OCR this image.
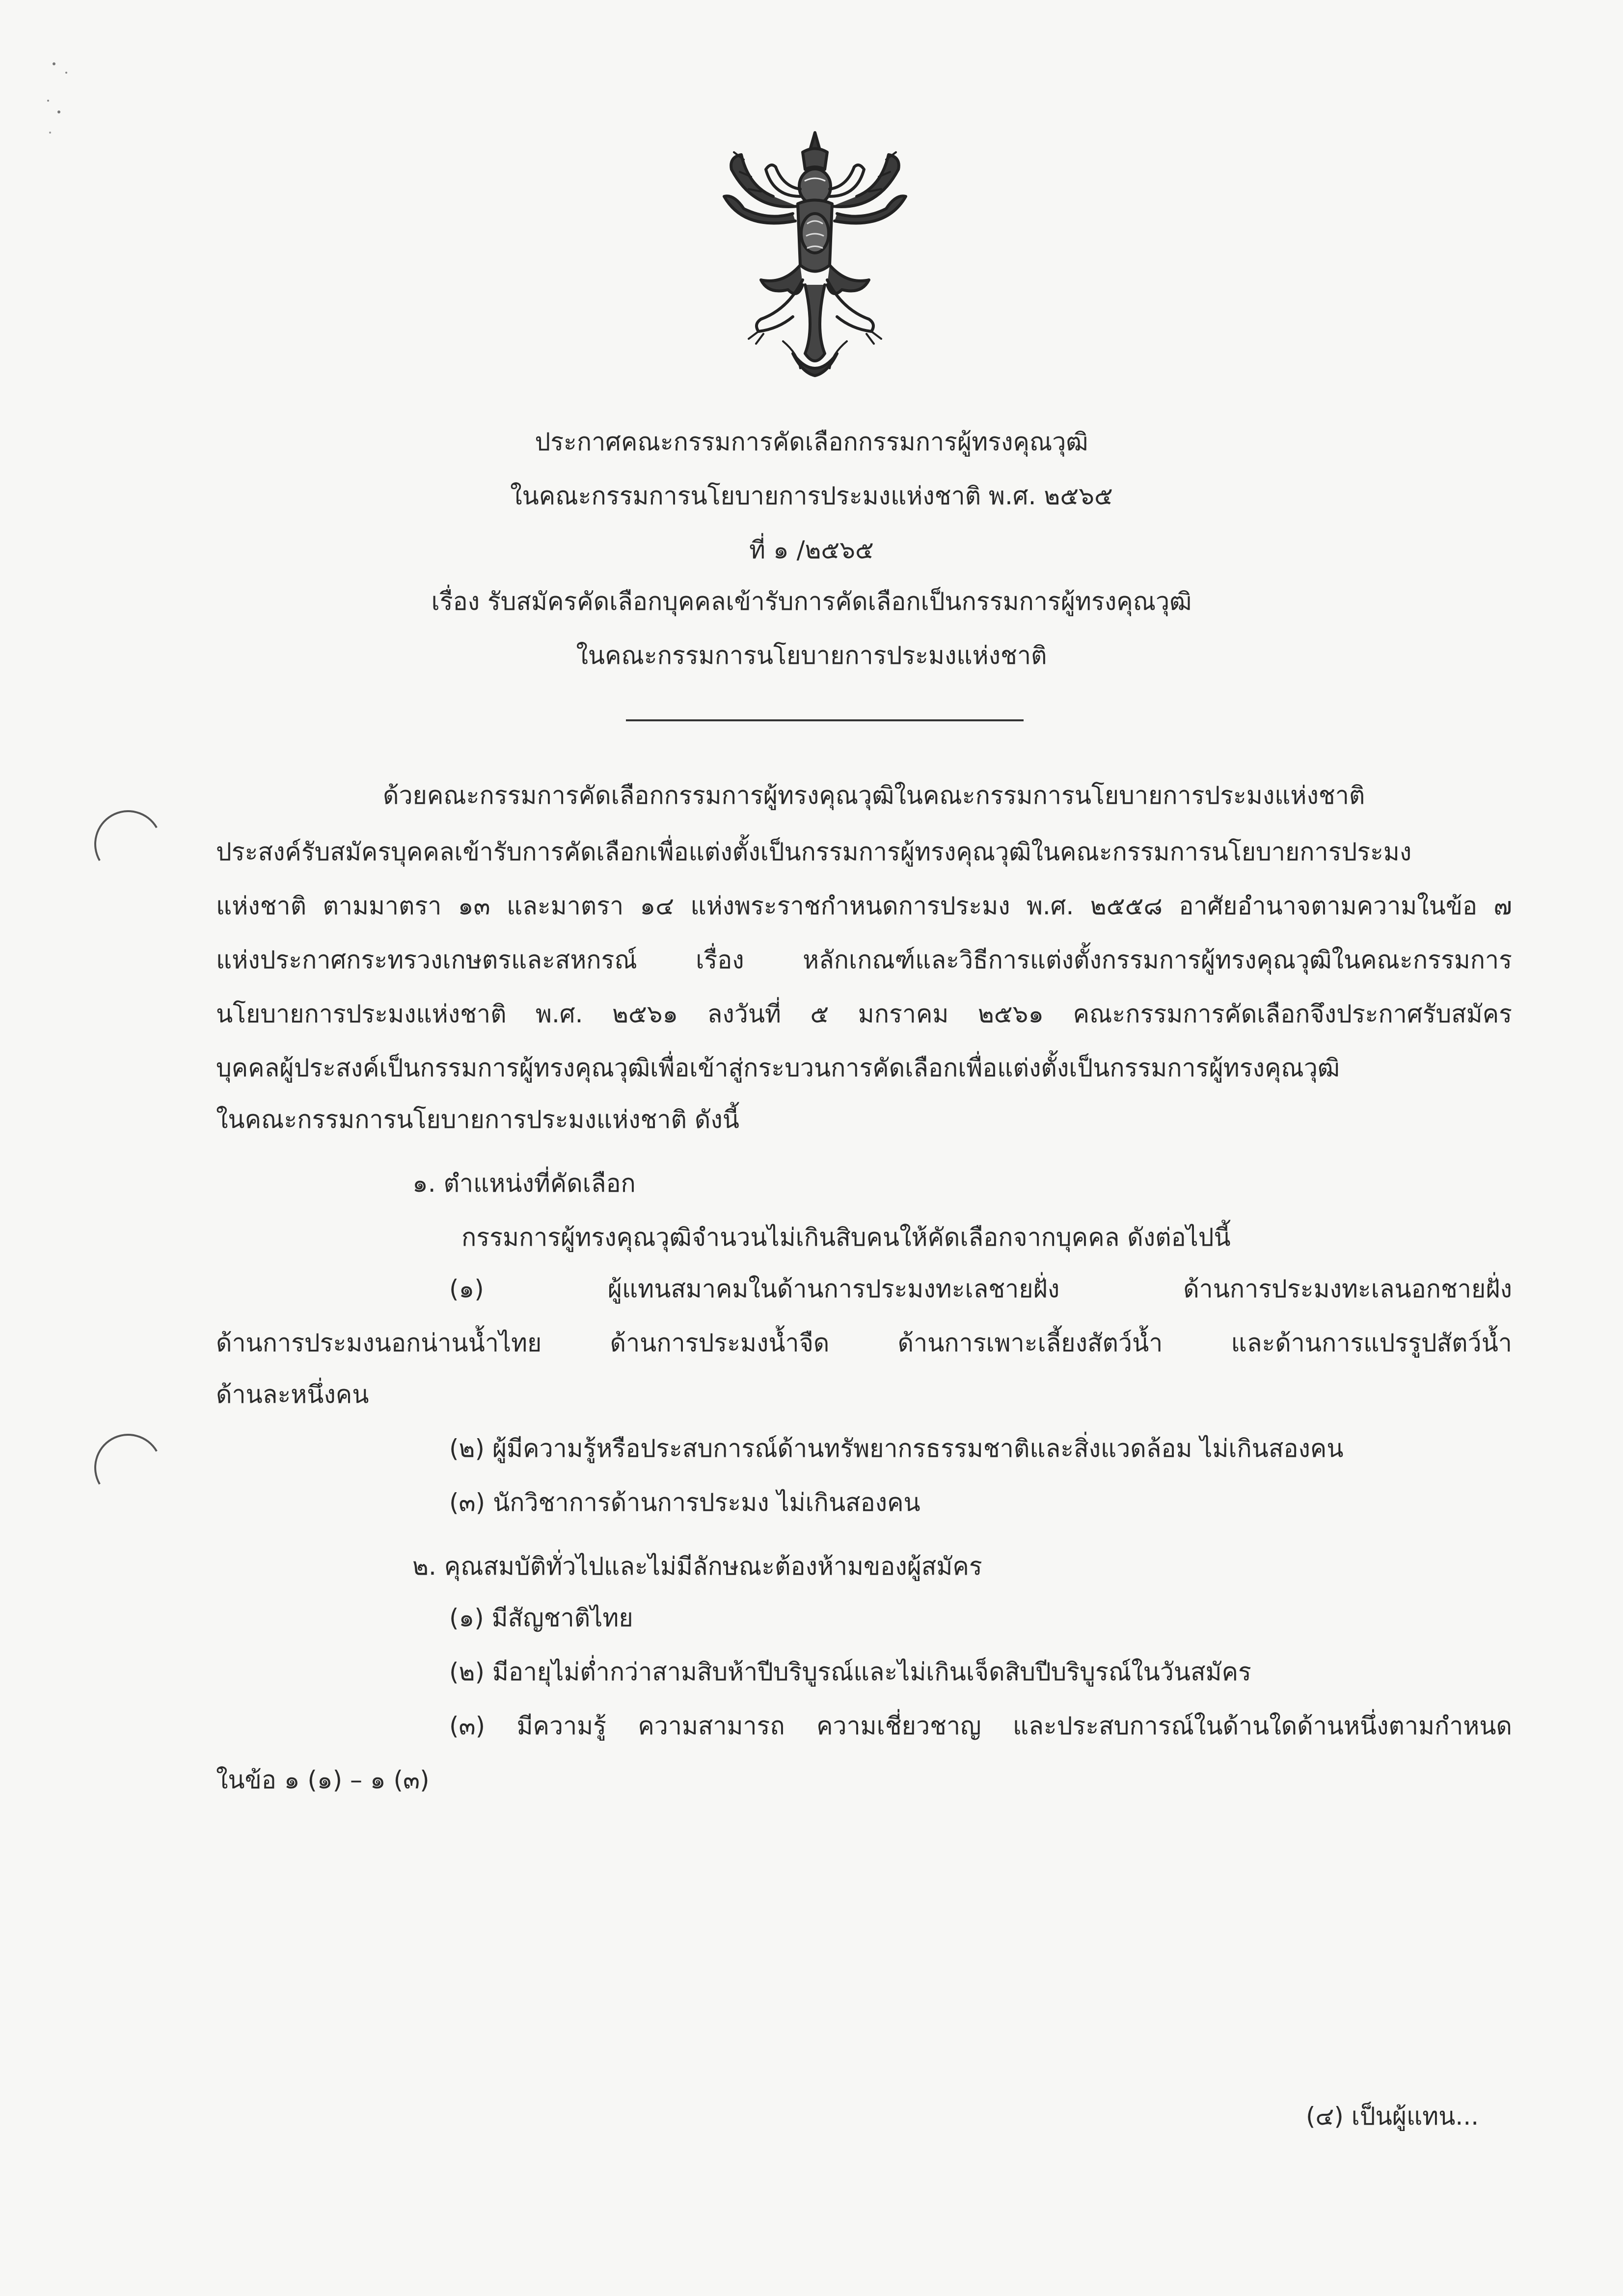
ประกาศคณะกรรมการคัดเลือกกรรมการผู้ทรงคุณวุฒิ
ในคณะกรรมการนโยบายการประมงแห่งชาติ พ.ศ. ๒๕๖๕
ที่ ๑ /๒๕๖๕
เรื่อง รับสมัครคัดเลือกบุคคลเข้ารับการคัดเลือกเป็นกรรมการผู้ทรงคุณวุฒิ
ในคณะกรรมการนโยบายการประมงแห่งชาติ
ด้วยคณะกรรมการคัดเลือกกรรมการผู้ทรงคุณวุฒิในคณะกรรมการนโยบายการประมงแห่งชาติ
ประสงค์รับสมัครบุคคลเข้ารับการคัดเลือกเพื่อแต่งตั้งเป็นกรรมการผู้ทรงคุณวุฒิในคณะกรรมการนโยบายการประมง
แห่งชาติ ตามมาตรา ๑๓ และมาตรา ๑๔ แห่งพระราชกำหนดการประมง พ.ศ. ๒๕๕๘ อาศัยอำนาจตามความในข้อ ๗
แห่งประกาศกระทรวงเกษตรและสหกรณ์ เรื่อง หลักเกณฑ์และวิธีการแต่งตั้งกรรมการผู้ทรงคุณวุฒิในคณะกรรมการ
นโยบายการประมงแห่งชาติ พ.ศ. ๒๕๖๑ ลงวันที่ ๕ มกราคม ๒๕๖๑ คณะกรรมการคัดเลือกจึงประกาศรับสมัคร
บุคคลผู้ประสงค์เป็นกรรมการผู้ทรงคุณวุฒิเพื่อเข้าสู่กระบวนการคัดเลือกเพื่อแต่งตั้งเป็นกรรมการผู้ทรงคุณวุฒิ
ในคณะกรรมการนโยบายการประมงแห่งชาติ ดังนี้
๑. ตำแหน่งที่คัดเลือก
กรรมการผู้ทรงคุณวุฒิจำนวนไม่เกินสิบคนให้คัดเลือกจากบุคคล ดังต่อไปนี้
(๑) ผู้แทนสมาคมในด้านการประมงทะเลชายฝั่ง ด้านการประมงทะเลนอกชายฝั่ง
ด้านการประมงนอกน่านน้ำไทย ด้านการประมงน้ำจืด ด้านการเพาะเลี้ยงสัตว์น้ำ และด้านการแปรรูปสัตว์น้ำ
ด้านละหนึ่งคน
(๒) ผู้มีความรู้หรือประสบการณ์ด้านทรัพยากรธรรมชาติและสิ่งแวดล้อม ไม่เกินสองคน
(๓) นักวิชาการด้านการประมง ไม่เกินสองคน
๒. คุณสมบัติทั่วไปและไม่มีลักษณะต้องห้ามของผู้สมัคร
(๑) มีสัญชาติไทย
(๒) มีอายุไม่ต่ำกว่าสามสิบห้าปีบริบูรณ์และไม่เกินเจ็ดสิบปีบริบูรณ์ในวันสมัคร
(๓) มีความรู้ ความสามารถ ความเชี่ยวชาญ และประสบการณ์ในด้านใดด้านหนึ่งตามกำหนด
ในข้อ ๑ (๑) – ๑ (๓)
(๔) เป็นผู้แทน...
